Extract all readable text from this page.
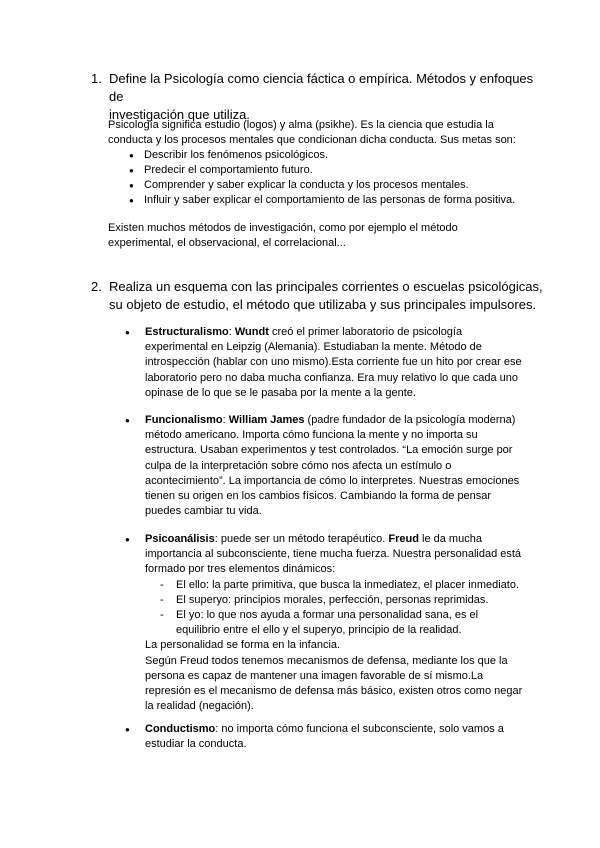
1. Define la Psicología como ciencia fáctica o empírica. Métodos y enfoques de
investigación que utiliza.
Psicología significa estudio (logos) y alma (psikhe). Es la ciencia que estudia la
conducta y los procesos mentales que condicionan dicha conducta. Sus metas son:
● Describir los fenómenos psicológicos.
● Predecir el comportamiento futuro.
● Comprender y saber explicar la conducta y los procesos mentales.
● Influir y saber explicar el comportamiento de las personas de forma positiva.
Existen muchos métodos de investigación, como por ejemplo el método
experimental, el observacional, el correlacional...
2. Realiza un esquema con las principales corrientes o escuelas psicológicas,
su objeto de estudio, el método que utilizaba y sus principales impulsores.
● Estructuralismo: Wundt creó el primer laboratorio de psicología
experimental en Leipzig (Alemania). Estudiaban la mente. Método de
introspección (hablar con uno mismo).Esta corriente fue un hito por crear ese
laboratorio pero no daba mucha confianza. Era muy relativo lo que cada uno
opinase de lo que se le pasaba por la mente a la gente.
● Funcionalismo: William James (padre fundador de la psicología moderna)
método americano. Importa cómo funciona la mente y no importa su
estructura. Usaban experimentos y test controlados. “La emoción surge por
culpa de la interpretación sobre cómo nos afecta un estímulo o
acontecimiento”. La importancia de cómo lo interpretes. Nuestras emociones
tienen su origen en los cambios físicos. Cambiando la forma de pensar
puedes cambiar tu vida.
● Psicoanálisis: puede ser un método terapéutico. Freud le da mucha
importancia al subconsciente, tiene mucha fuerza. Nuestra personalidad está
formado por tres elementos dinámicos:
- El ello: la parte primitiva, que busca la inmediatez, el placer inmediato.
- El superyo: principios morales, perfección, personas reprimidas.
- El yo: lo que nos ayuda a formar una personalidad sana, es el
equilibrio entre el ello y el superyo, principio de la realidad.
La personalidad se forma en la infancia.
Según Freud todos tenemos mecanismos de defensa, mediante los que la
persona es capaz de mantener una imagen favorable de sí mismo.La
represión es el mecanismo de defensa más básico, existen otros como negar
la realidad (negación).
● Conductismo: no importa cómo funciona el subconsciente, solo vamos a
estudiar la conducta.
